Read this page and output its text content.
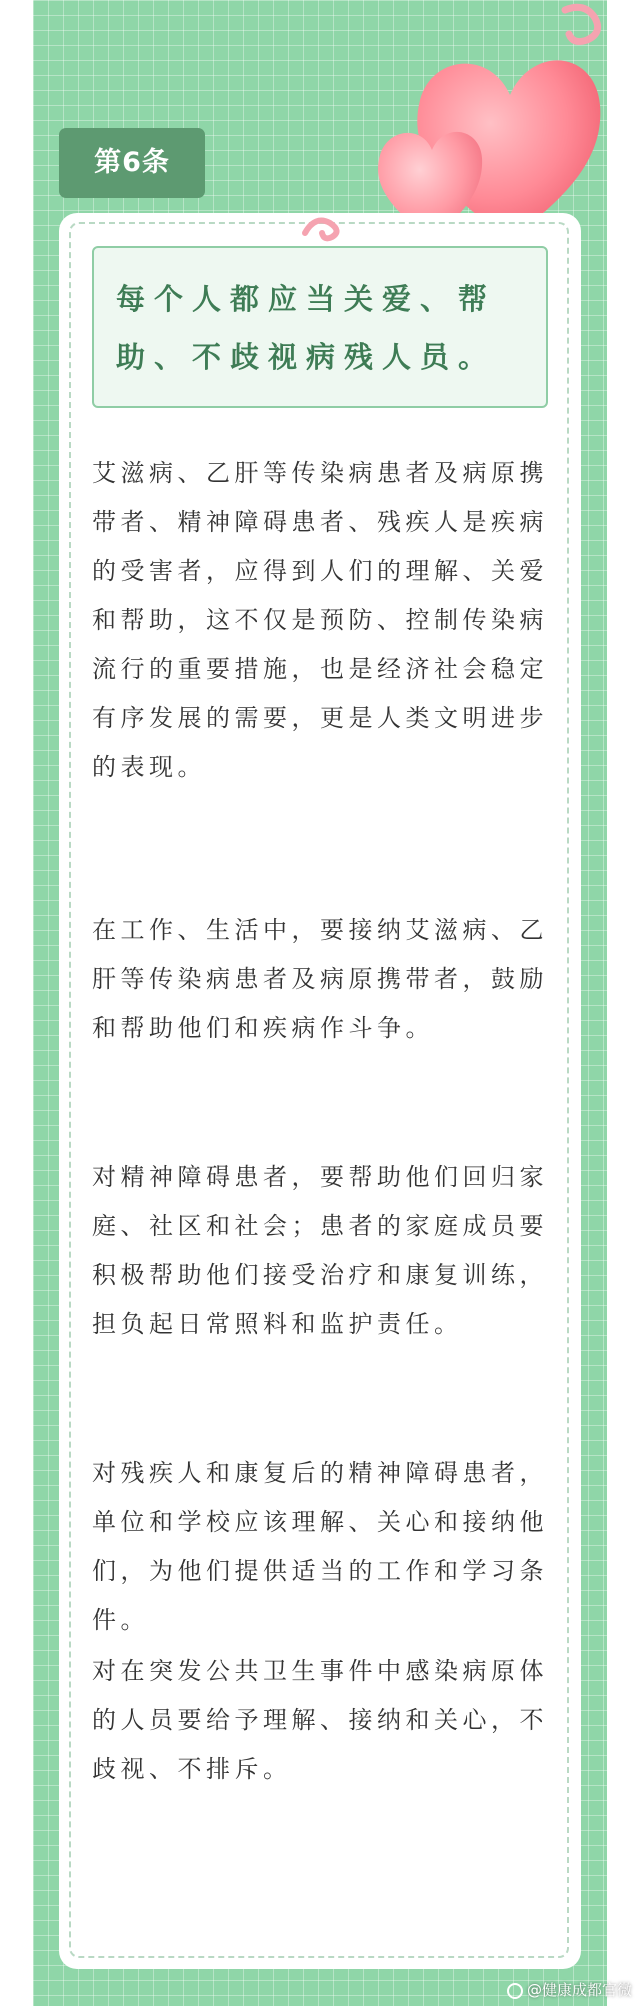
第6条
每个人都应当关爱、帮助、不歧视病残人员。

艾滋病、乙肝等传染病患者及病原携带者、精神障碍患者、残疾人是疾病的受害者，应得到人们的理解、关爱和帮助，这不仅是预防、控制传染病流行的重要措施，也是经济社会稳定有序发展的需要，更是人类文明进步的表现。

在工作、生活中，要接纳艾滋病、乙肝等传染病患者及病原携带者，鼓励和帮助他们和疾病作斗争。

对精神障碍患者，要帮助他们回归家庭、社区和社会；患者的家庭成员要积极帮助他们接受治疗和康复训练，担负起日常照料和监护责任。

对残疾人和康复后的精神障碍患者，单位和学校应该理解、关心和接纳他们，为他们提供适当的工作和学习条件。

对在突发公共卫生事件中感染病原体的人员要给予理解、接纳和关心，不歧视、不排斥。

@健康成都官微
